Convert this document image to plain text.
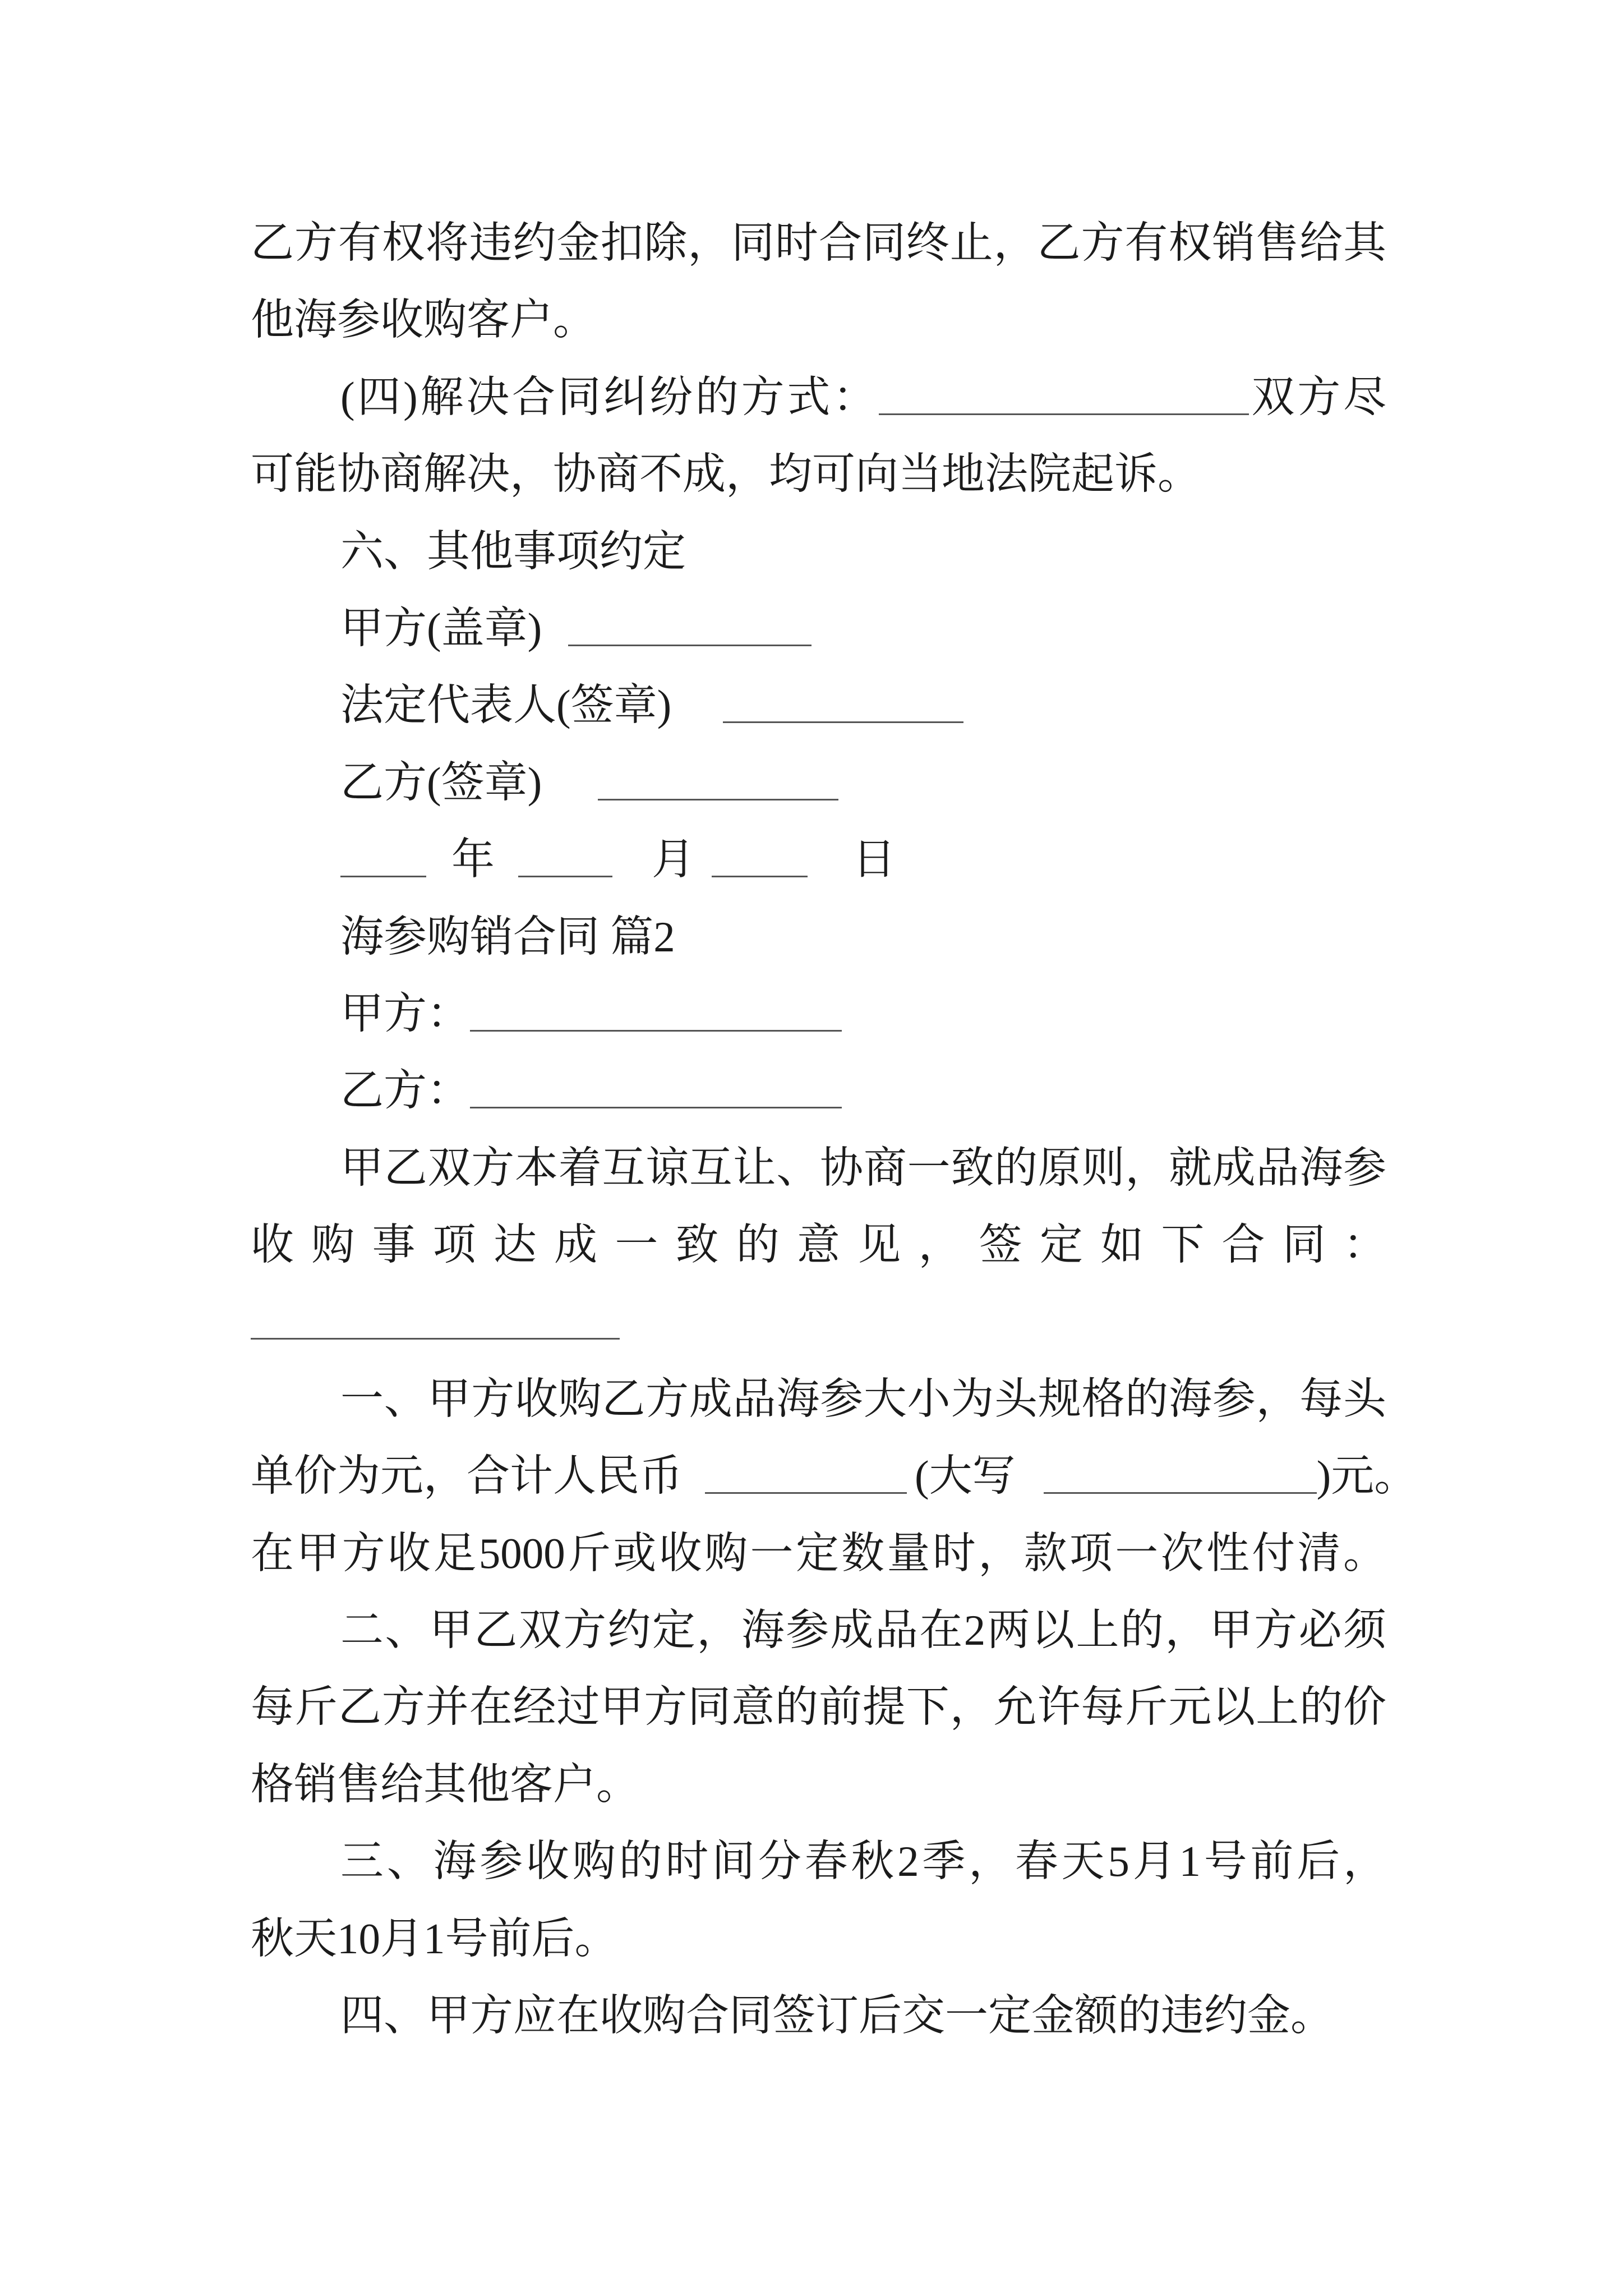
乙方有权将违约金扣除，同时合同终止，乙方有权销售给其
他海参收购客户。
(四)解决合同纠纷的方式：	双方尽
可能协商解决，协商不成，均可向当地法院起诉。
六、其他事项约定
甲方(盖章)
法定代表人(签章)
乙方(签章)
年	月	日
海参购销合同 篇2
甲方：
乙方：
甲乙双方本着互谅互让、协商一致的原则，就成品海参
收购事项达成一致的意见，签定如下合同：
一、甲方收购乙方成品海参大小为头规格的海参，每头
单价为元，合计人民币	(大写	)元。
在甲方收足5000斤或收购一定数量时，款项一次性付清。
二、甲乙双方约定，海参成品在2两以上的，甲方必须
每斤乙方并在经过甲方同意的前提下，允许每斤元以上的价
格销售给其他客户。
三、海参收购的时间分春秋2季，春天5月1号前后，
秋天10月1号前后。
四、甲方应在收购合同签订后交一定金额的违约金。
